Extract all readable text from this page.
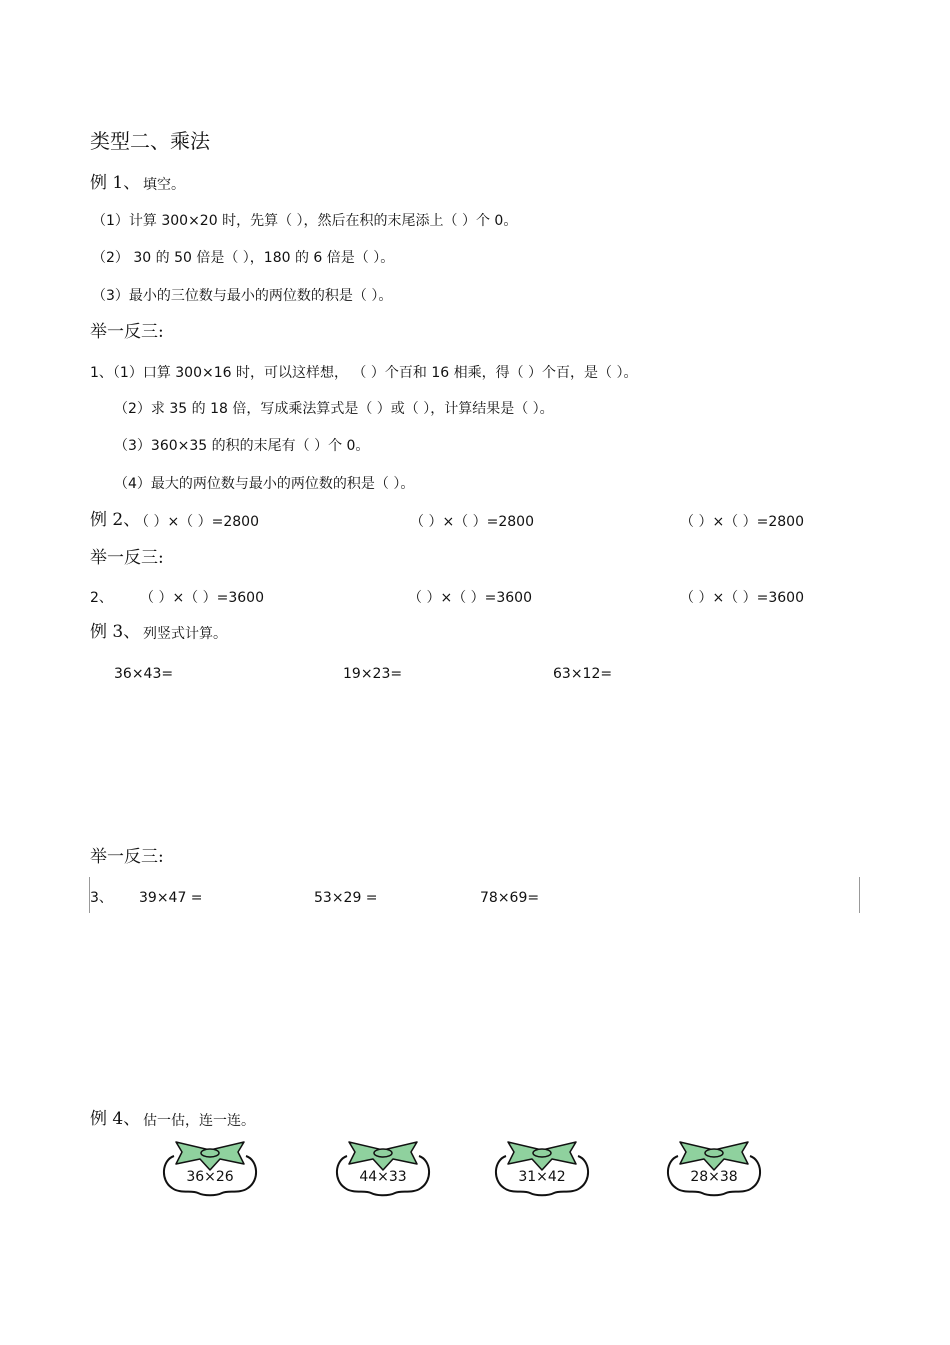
类型二、乘法
例 1、 填空。
（1）计算 300×20 时，先算（ ），然后在积的末尾添上（ ）个 0。
（2） 30 的 50 倍是（ ），180 的 6 倍是（ ）。
（3）最小的三位数与最小的两位数的积是（ ）。
举一反三:
1、（1）口算 300×16 时，可以这样想， （ ）个百和 16 相乘，得（ ）个百，是（ ）。
（2）求 35 的 18 倍，写成乘法算式是（ ）或（ ），计算结果是（ ）。
（3）360×35 的积的末尾有（ ）个 0。
（4）最大的两位数与最小的两位数的积是（ ）。
例 2、
（ ）×（ ）=2800	（ ）×（ ）=2800	（ ）×（ ）=2800
举一反三:
2、 （ ）×（ ）=3600	（ ）×（ ）=3600	（ ）×（ ）=3600
例 3、 列竖式计算。
36×43=	19×23=	63×12=
举一反三:
3、 39×47 =	53×29 =	78×69=
例 4、 估一估，连一连。
36×26	44×33	31×42	28×38
